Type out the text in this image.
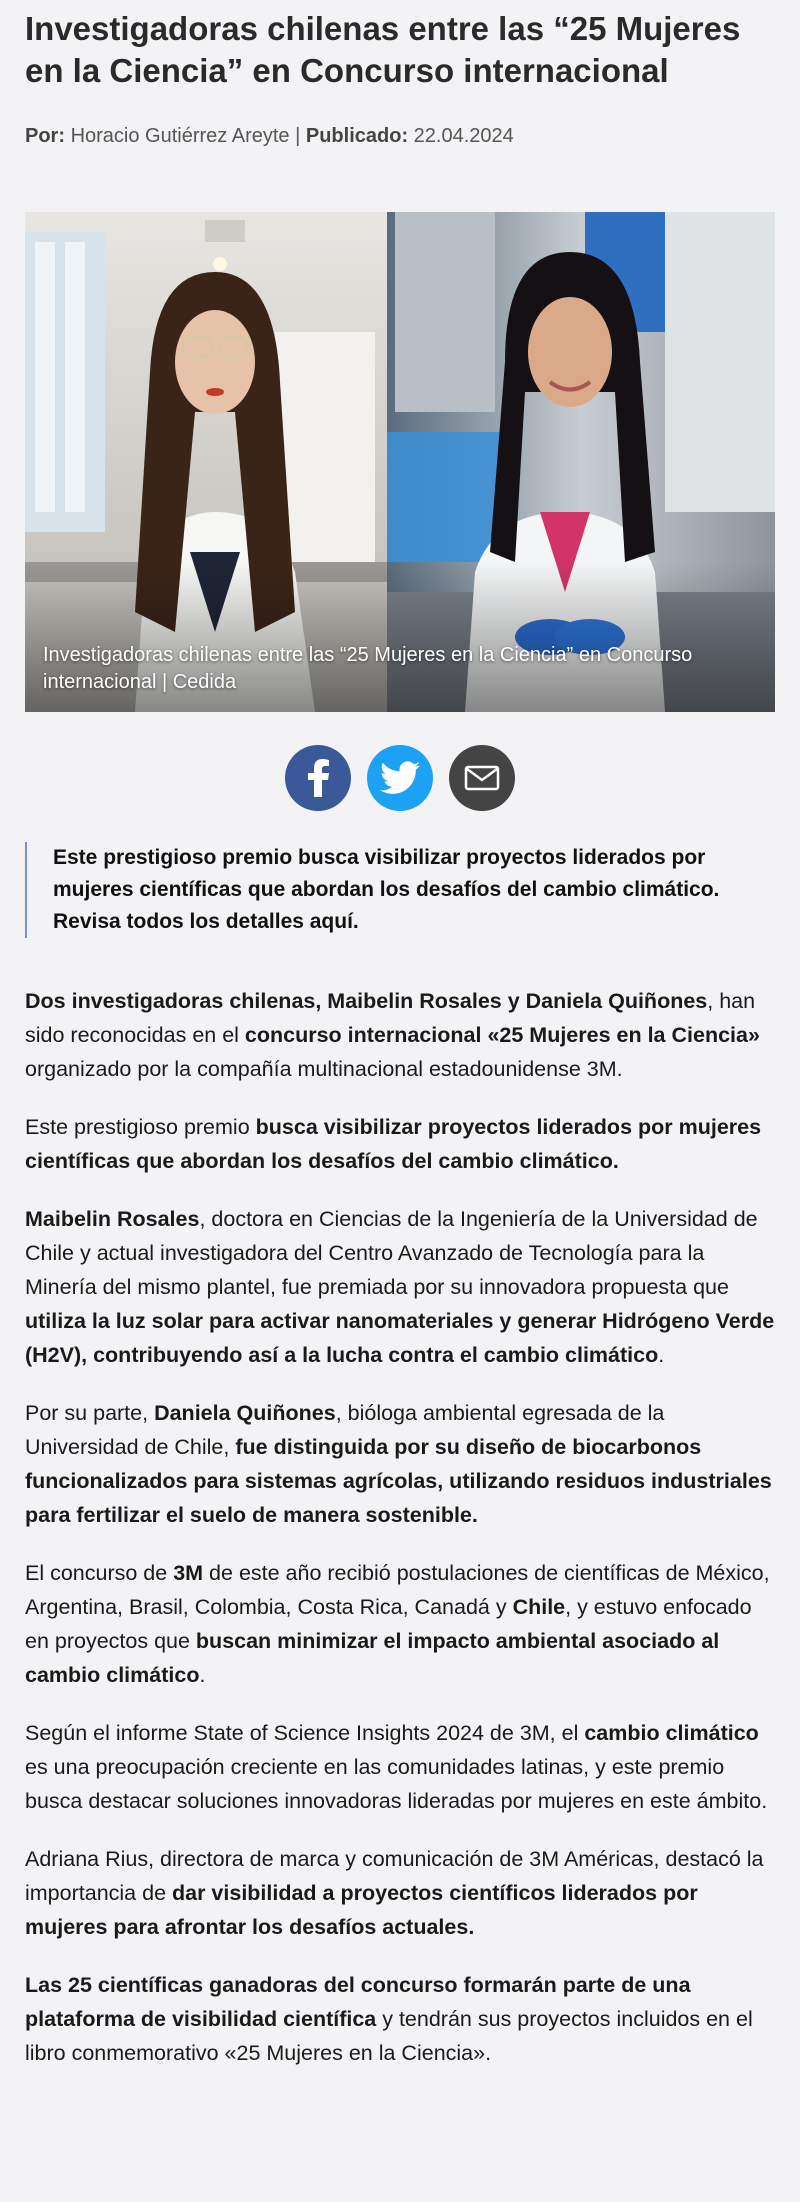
Investigadoras chilenas entre las “25 Mujeres en la Ciencia” en Concurso internacional
Por: Horacio Gutiérrez Areyte | Publicado: 22.04.2024
Investigadoras chilenas entre las “25 Mujeres en la Ciencia” en Concurso internacional | Cedida
Este prestigioso premio busca visibilizar proyectos liderados por mujeres científicas que abordan los desafíos del cambio climático. Revisa todos los detalles aquí.

Dos investigadoras chilenas, Maibelin Rosales y Daniela Quiñones, han sido reconocidas en el concurso internacional «25 Mujeres en la Ciencia» organizado por la compañía multinacional estadounidense 3M.

Este prestigioso premio busca visibilizar proyectos liderados por mujeres científicas que abordan los desafíos del cambio climático.

Maibelin Rosales, doctora en Ciencias de la Ingeniería de la Universidad de Chile y actual investigadora del Centro Avanzado de Tecnología para la Minería del mismo plantel, fue premiada por su innovadora propuesta que utiliza la luz solar para activar nanomateriales y generar Hidrógeno Verde (H2V), contribuyendo así a la lucha contra el cambio climático.

Por su parte, Daniela Quiñones, bióloga ambiental egresada de la Universidad de Chile, fue distinguida por su diseño de biocarbonos funcionalizados para sistemas agrícolas, utilizando residuos industriales para fertilizar el suelo de manera sostenible.

El concurso de 3M de este año recibió postulaciones de científicas de México, Argentina, Brasil, Colombia, Costa Rica, Canadá y Chile, y estuvo enfocado en proyectos que buscan minimizar el impacto ambiental asociado al cambio climático.

Según el informe State of Science Insights 2024 de 3M, el cambio climático es una preocupación creciente en las comunidades latinas, y este premio busca destacar soluciones innovadoras lideradas por mujeres en este ámbito.

Adriana Rius, directora de marca y comunicación de 3M Américas, destacó la importancia de dar visibilidad a proyectos científicos liderados por mujeres para afrontar los desafíos actuales.

Las 25 científicas ganadoras del concurso formarán parte de una plataforma de visibilidad científica y tendrán sus proyectos incluidos en el libro conmemorativo «25 Mujeres en la Ciencia».
